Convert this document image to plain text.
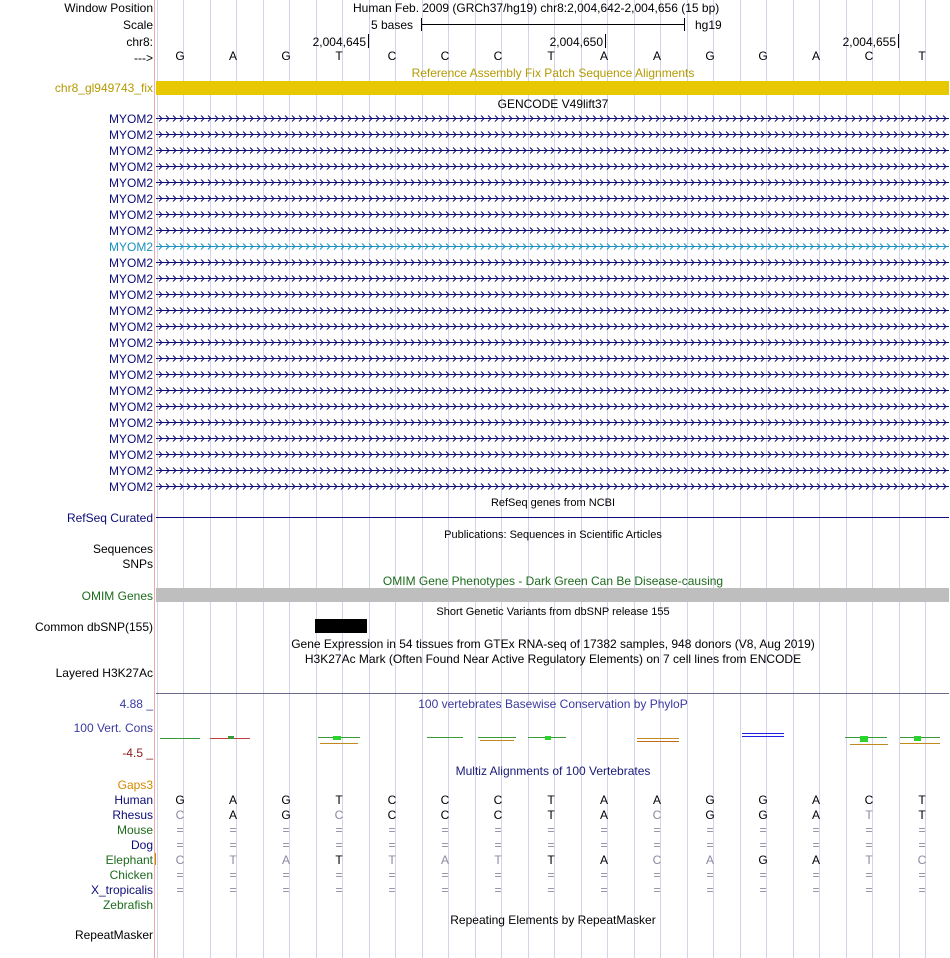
Window Position	Human Feb. 2009 (GRCh37/hg19) chr8:2,004,642-2,004,656 (15 bp)
Scale	5 bases	hg19
chr8:	2,004,645	2,004,650	2,004,655
--->	G	A	G	T	C	C	C	T	A	A	G	G	A	C	T
Reference Assembly Fix Patch Sequence Alignments
chr8_gl949743_fix
GENCODE V49lift37
MYOM2
MYOM2
MYOM2
MYOM2
MYOM2
MYOM2
MYOM2
MYOM2
MYOM2
MYOM2
MYOM2
MYOM2
MYOM2
MYOM2
MYOM2
MYOM2
MYOM2
MYOM2
MYOM2
MYOM2
MYOM2
MYOM2
MYOM2
MYOM2
RefSeq genes from NCBI
RefSeq Curated
Publications: Sequences in Scientific Articles
Sequences
SNPs
OMIM Gene Phenotypes - Dark Green Can Be Disease-causing
OMIM Genes
Short Genetic Variants from dbSNP release 155
Common dbSNP(155)
Gene Expression in 54 tissues from GTEx RNA-seq of 17382 samples, 948 donors (V8, Aug 2019)
H3K27Ac Mark (Often Found Near Active Regulatory Elements) on 7 cell lines from ENCODE
Layered H3K27Ac
100 vertebrates Basewise Conservation by PhyloP
4.88 _
100 Vert. Cons
-4.5 _
Multiz Alignments of 100 Vertebrates
Gaps3
Human	G	A	G	T	C	C	C	T	A	A	G	G	A	C	T
Rhesus	C	A	G	C	C	C	C	T	A	C	G	G	A	T	T
Mouse	=	=	=	=	=	=	=	=	=	=	=	=	=	=	=
Dog	=	=	=	=	=	=	=	=	=	=	=	=	=	=	=
Elephant	C	T	A	T	T	A	T	T	A	C	A	G	A	T	C
Chicken	=	=	=	=	=	=	=	=	=	=	=	=	=	=	=
X_tropicalis	=	=	=	=	=	=	=	=	=	=	=	=	=	=	=
Zebrafish
Repeating Elements by RepeatMasker
RepeatMasker
